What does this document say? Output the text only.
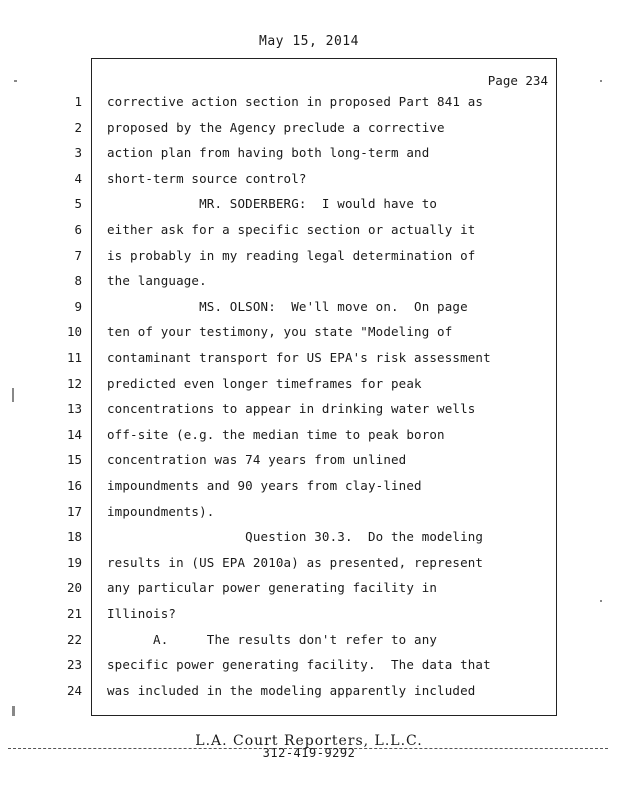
May 15, 2014
Page 234
1 corrective action section in proposed Part 841 as
2 proposed by the Agency preclude a corrective
3 action plan from having both long-term and
4 short-term source control?
5 MR. SODERBERG:  I would have to
6 either ask for a specific section or actually it
7 is probably in my reading legal determination of
8 the language.
9 MS. OLSON:  We'll move on.  On page
10 ten of your testimony, you state "Modeling of
11 contaminant transport for US EPA's risk assessment
12 predicted even longer timeframes for peak
13 concentrations to appear in drinking water wells
14 off-site (e.g. the median time to peak boron
15 concentration was 74 years from unlined
16 impoundments and 90 years from clay-lined
17 impoundments).
18 Question 30.3.  Do the modeling
19 results in (US EPA 2010a) as presented, represent
20 any particular power generating facility in
21 Illinois?
22 A.     The results don't refer to any
23 specific power generating facility.  The data that
24 was included in the modeling apparently included
L.A. Court Reporters, L.L.C.
312-419-9292
